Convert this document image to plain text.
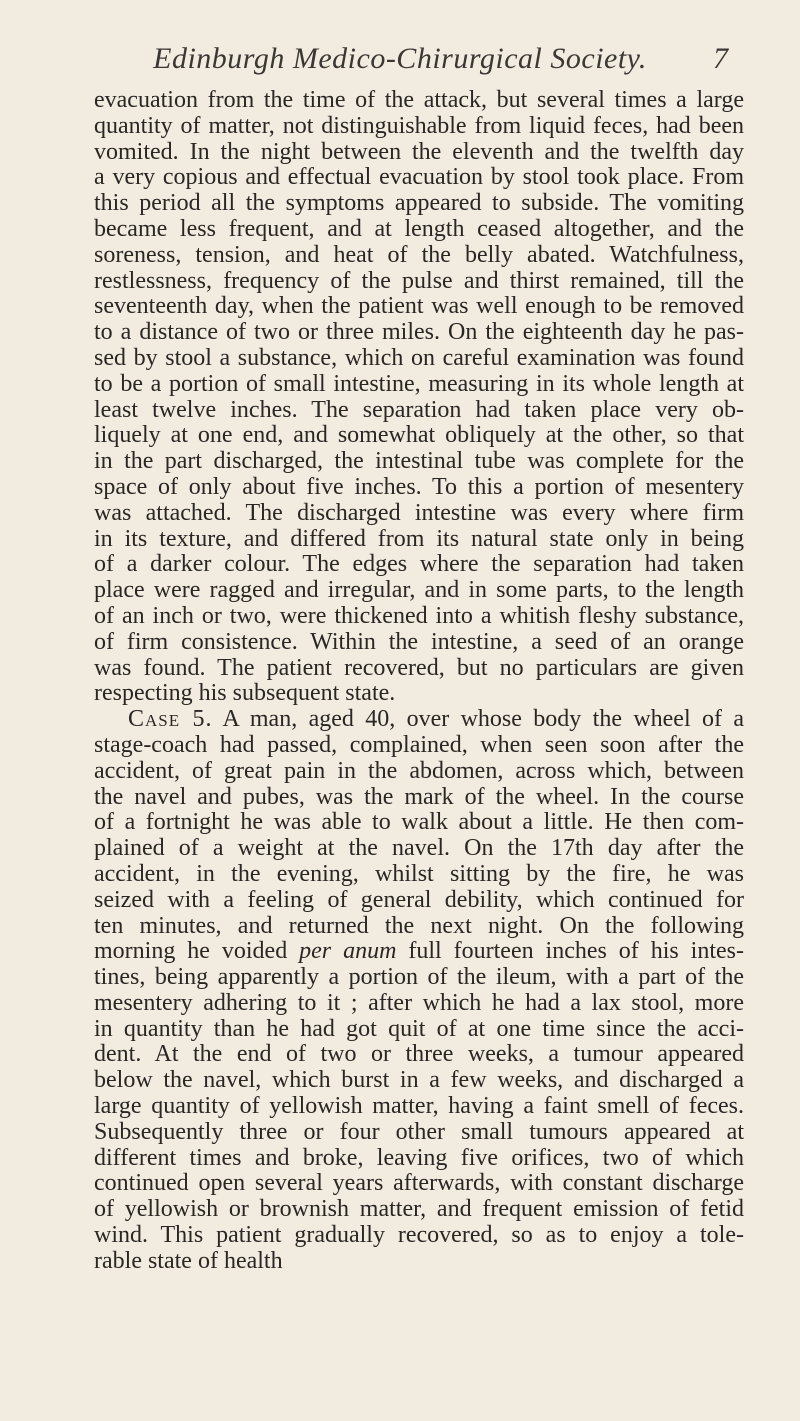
Edinburgh Medico-Chirurgical Society.	7
evacuation from the time of the attack, but several times a large
quantity of matter, not distinguishable from liquid feces, had been
vomited. In the night between the eleventh and the twelfth day
a very copious and effectual evacuation by stool took place. From
this period all the symptoms appeared to subside. The vomiting
became less frequent, and at length ceased altogether, and the
soreness, tension, and heat of the belly abated. Watchfulness,
restlessness, frequency of the pulse and thirst remained, till the
seventeenth day, when the patient was well enough to be removed
to a distance of two or three miles. On the eighteenth day he pas-
sed by stool a substance, which on careful examination was found
to be a portion of small intestine, measuring in its whole length at
least twelve inches. The separation had taken place very ob-
liquely at one end, and somewhat obliquely at the other, so that
in the part discharged, the intestinal tube was complete for the
space of only about five inches. To this a portion of mesentery
was attached. The discharged intestine was every where firm
in its texture, and differed from its natural state only in being
of a darker colour. The edges where the separation had taken
place were ragged and irregular, and in some parts, to the length
of an inch or two, were thickened into a whitish fleshy substance,
of firm consistence. Within the intestine, a seed of an orange
was found. The patient recovered, but no particulars are given
respecting his subsequent state.
Case 5. A man, aged 40, over whose body the wheel of a
stage-coach had passed, complained, when seen soon after the
accident, of great pain in the abdomen, across which, between
the navel and pubes, was the mark of the wheel. In the course
of a fortnight he was able to walk about a little. He then com-
plained of a weight at the navel. On the 17th day after the
accident, in the evening, whilst sitting by the fire, he was
seized with a feeling of general debility, which continued for
ten minutes, and returned the next night. On the following
morning he voided per anum full fourteen inches of his intes-
tines, being apparently a portion of the ileum, with a part of the
mesentery adhering to it ; after which he had a lax stool, more
in quantity than he had got quit of at one time since the acci-
dent. At the end of two or three weeks, a tumour appeared
below the navel, which burst in a few weeks, and discharged a
large quantity of yellowish matter, having a faint smell of feces.
Subsequently three or four other small tumours appeared at
different times and broke, leaving five orifices, two of which
continued open several years afterwards, with constant discharge
of yellowish or brownish matter, and frequent emission of fetid
wind. This patient gradually recovered, so as to enjoy a tole-
rable state of health
